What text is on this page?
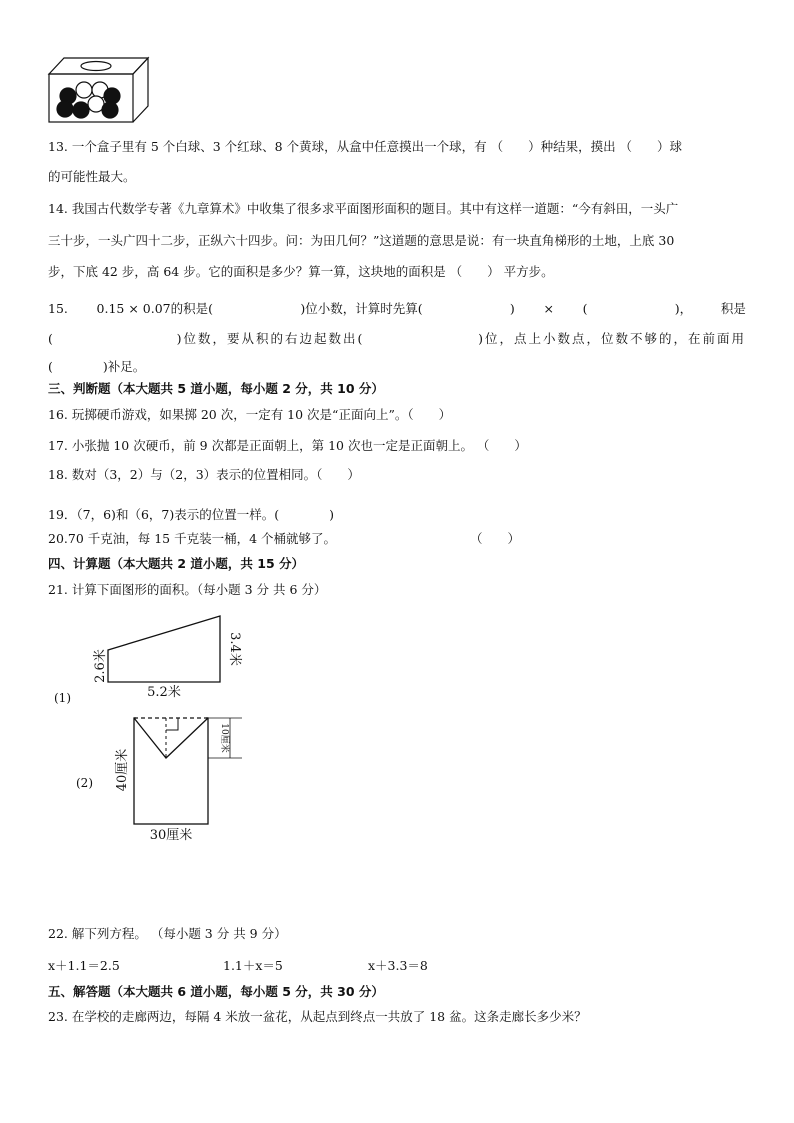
13. 一个盒子里有 5 个白球、3 个红球、8 个黄球，从盒中任意摸出一个球，有 （　　）种结果，摸出 （　　）球
的可能性最大。
14. 我国古代数学专著《九章算术》中收集了很多求平面图形面积的题目。其中有这样一道题：“今有斜田，一头广
三十步，一头广四十二步，正纵六十四步。问：为田几何？”这道题的意思是说：有一块直角梯形的土地，上底 30
步，下底 42 步，高 64 步。它的面积是多少？算一算，这块地的面积是 （　　） 平方步。
15. 0.15 × 0.07的积是(	)位小数，计算时先算(	) × (	)， 积是
(	)位数，要从积的右边起数出(	)位，点上小数点，位数不够的，在前面用
(　　　　)补足。
三、判断题（本大题共 5 道小题，每小题 2 分，共 10 分）
16. 玩掷硬币游戏，如果掷 20 次，一定有 10 次是“正面向上”。（　　）
17. 小张抛 10 次硬币，前 9 次都是正面朝上，第 10 次也一定是正面朝上。 （　　）
18. 数对（3，2）与（2，3）表示的位置相同。（　　）
19．（7，6)和（6，7)表示的位置一样。(　　　　)
20.70 千克油，每 15 千克装一桶，4 个桶就够了。	（　　）
四、计算题（本大题共 2 道小题，共 15 分）
21. 计算下面图形的面积。（每小题 3 分 共 6 分）
2.6米
3.4米
5.2米
(1)
10厘米
40厘米
30厘米
(2)
22. 解下列方程。 （每小题 3 分 共 9 分）
x＋1.1＝2.5	1.1＋x＝5	x＋3.3＝8
五、解答题（本大题共 6 道小题，每小题 5 分，共 30 分）
23. 在学校的走廊两边，每隔 4 米放一盆花，从起点到终点一共放了 18 盆。这条走廊长多少米？
